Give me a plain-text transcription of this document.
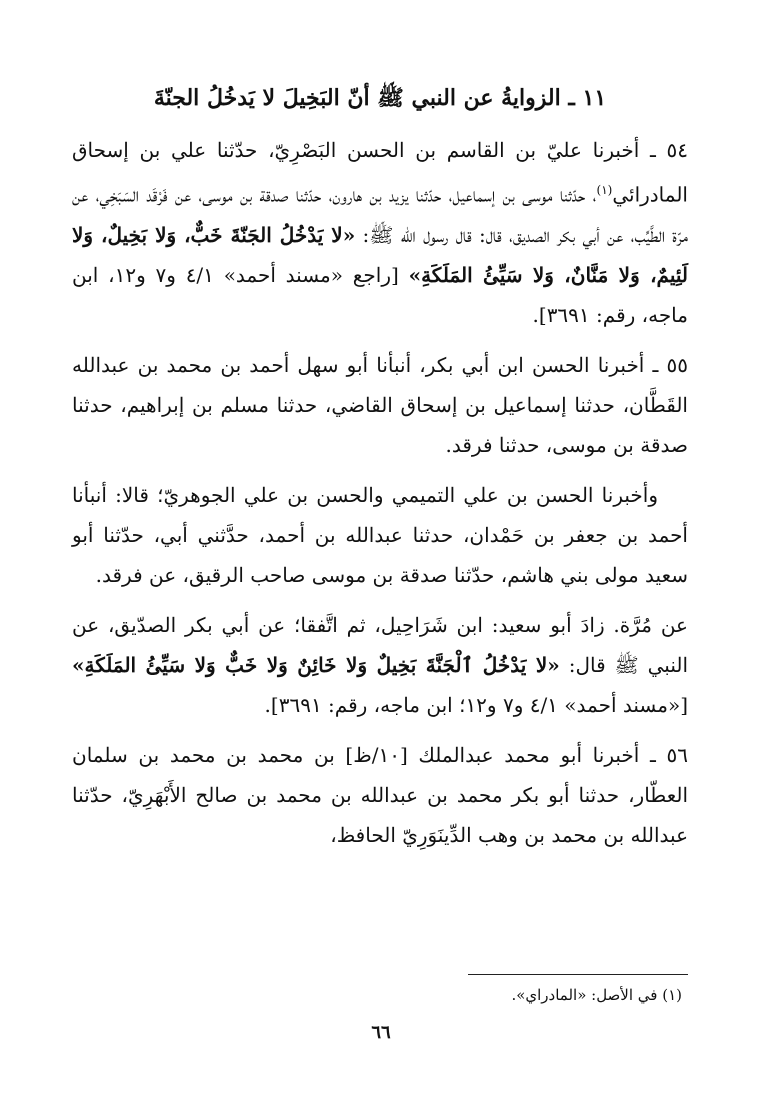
١١ ـ الزوايةُ عن النبي ﷺ أنّ البَخِيلَ لا يَدخُلُ الجنّةَ

٥٤ ـ أخبرنا عليّ بن القاسم بن الحسن البَصْرِيّ، حدّثنا علي بن إسحاق المادرائي$^{(١)}$، حدّثنا موسى بن إسماعيل، حدّثنا يزيد بن هارون، حدّثنا صدقة بن موسى، عن فَرْقَد السَبَخِي، عن مرّة الطَّيِّب، عن أبي بكر الصديق، قال: قال رسول الله ﷺ: «لا يَدْخُلُ الجَنّةَ خَبٌّ، وَلا بَخِيلٌ، وَلا لَئِيمٌ، وَلا مَنَّانٌ، وَلا سَيِّئُ المَلَكَةِ» [راجع «مسند أحمد» ٤/١ و٧ و١٢، ابن ماجه، رقم: ٣٦٩١].

٥٥ ـ أخبرنا الحسن ابن أبي بكر، أنبأنا أبو سهل أحمد بن محمد بن عبدالله القَطَّان، حدثنا إسماعيل بن إسحاق القاضي، حدثنا مسلم بن إبراهيم، حدثنا صدقة بن موسى، حدثنا فرقد.

وأخبرنا الحسن بن علي التميمي والحسن بن علي الجوهريّ؛ قالا: أنبأنا أحمد بن جعفر بن حَمْدان، حدثنا عبدالله بن أحمد، حدَّثني أبي، حدّثنا أبو سعيد مولى بني هاشم، حدّثنا صدقة بن موسى صاحب الرقيق، عن فرقد.

عن مُرَّة. زادَ أبو سعيد: ابن شَرَاحِيل، ثم اتَّفقا؛ عن أبي بكر الصدّيق، عن النبي ﷺ قال: «لا يَدْخُلُ ٱلْجَنَّةَ بَخِيلٌ وَلا خَائِنٌ وَلا خَبٌّ وَلا سَيِّئُ المَلَكَةِ» [«مسند أحمد» ٤/١ و٧ و١٢؛ ابن ماجه، رقم: ٣٦٩١].

٥٦ ـ أخبرنا أبو محمد عبدالملك [١٠/ظ] بن محمد بن محمد بن سلمان العطّار، حدثنا أبو بكر محمد بن عبدالله بن محمد بن صالح الأَبْهَرِيّ، حدّثنا عبدالله بن محمد بن وهب الدِّينَوَرِيّ الحافظ،

(١) في الأصل: «المادراي».
٦٦
